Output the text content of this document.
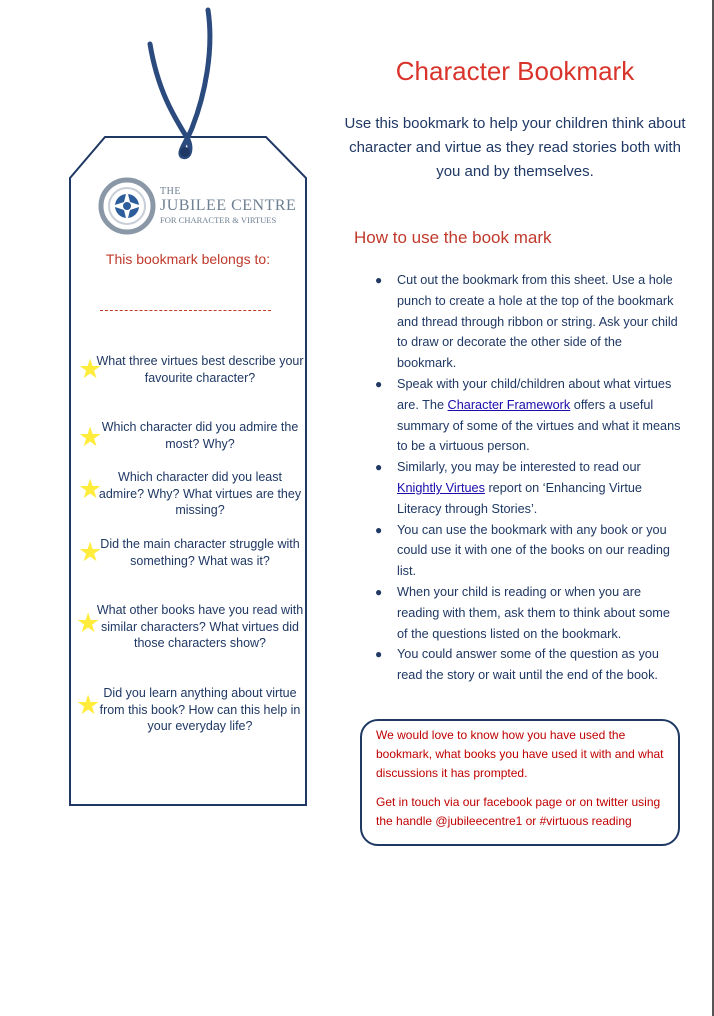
THE
JUBILEE CENTRE
FOR CHARACTER & VIRTUES
This bookmark belongs to:
What three virtues best describe your favourite character?
Which character did you admire the most? Why?
Which character did you least admire? Why? What virtues are they missing?
Did the main character struggle with something? What was it?
What other books have you read with similar characters? What virtues did those characters show?
Did you learn anything about virtue from this book? How can this help in your everyday life?
★
★
★
★
★
★
Character Bookmark
Use this bookmark to help your children think about character and virtue as they read stories both with you and by themselves.
How to use the book mark
● Cut out the bookmark from this sheet. Use a hole punch to create a hole at the top of the bookmark and thread through ribbon or string. Ask your child to draw or decorate the other side of the bookmark.
● Speak with your child/children about what virtues are. The Character Framework offers a useful summary of some of the virtues and what it means to be a virtuous person.
● Similarly, you may be interested to read our Knightly Virtues report on ‘Enhancing Virtue Literacy through Stories’.
● You can use the bookmark with any book or you could use it with one of the books on our reading list.
● When your child is reading or when you are reading with them, ask them to think about some of the questions listed on the bookmark.
● You could answer some of the question as you read the story or wait until the end of the book.

We would love to know how you have used the bookmark, what books you have used it with and what discussions it has prompted.

Get in touch via our facebook page or on twitter using the handle @jubileecentre1 or #virtuous reading
